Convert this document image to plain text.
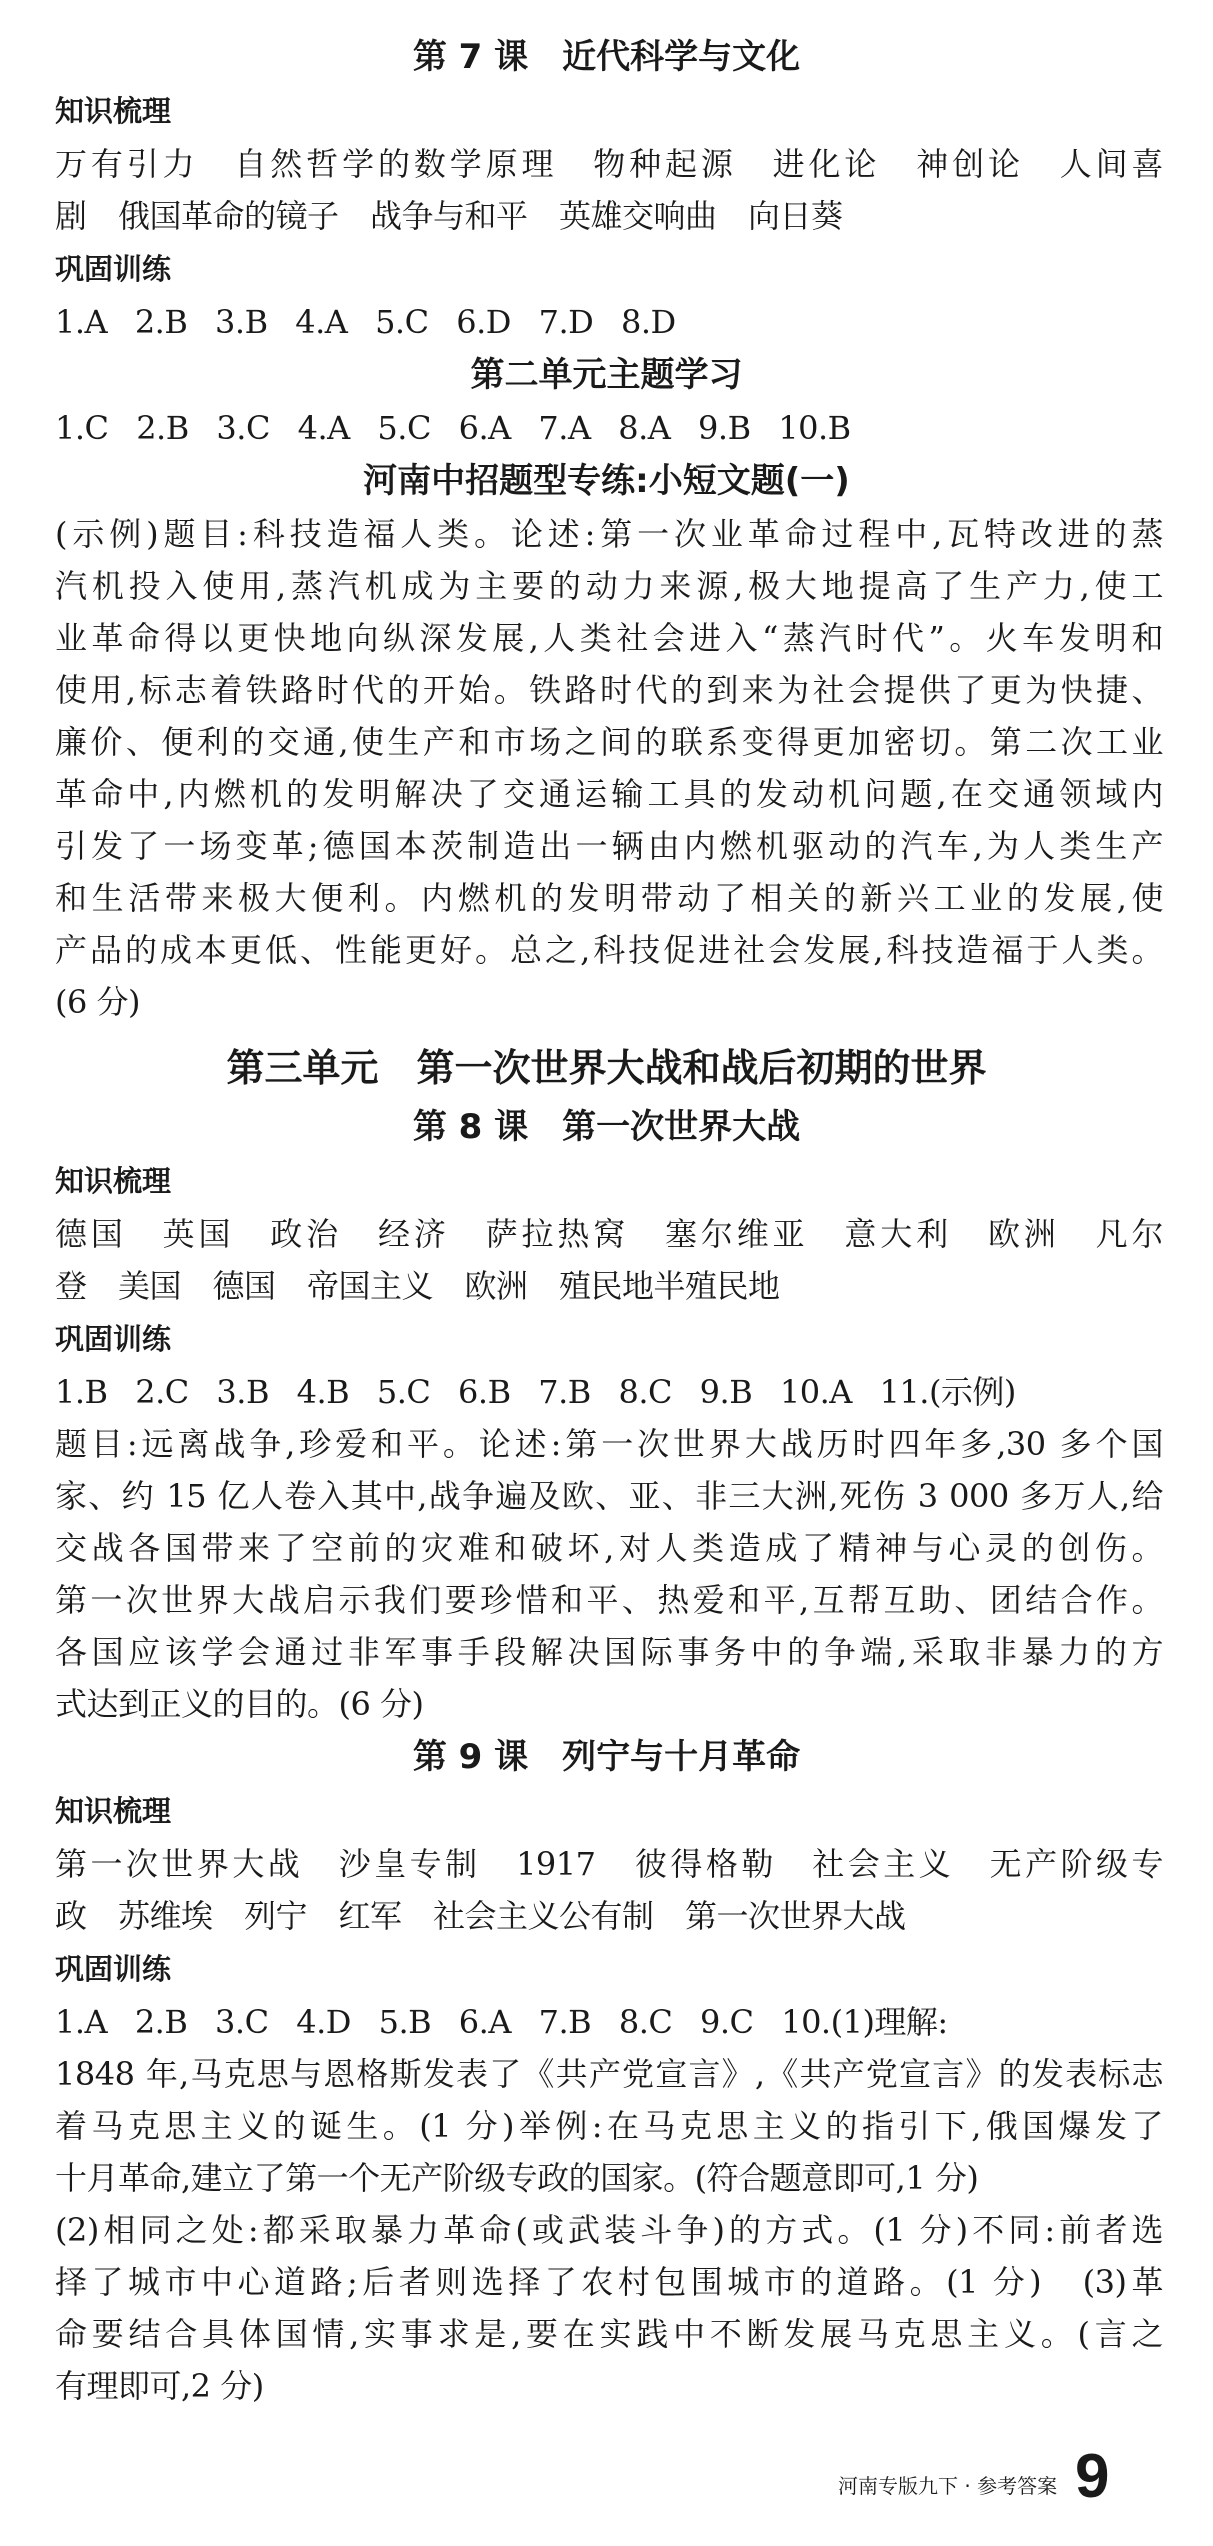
第 7 课　近代科学与文化
知识梳理
万有引力　自然哲学的数学原理　物种起源　进化论　神创论　人间喜
剧　俄国革命的镜子　战争与和平　英雄交响曲　向日葵
巩固训练
1.A 2.B 3.B 4.A 5.C 6.D 7.D 8.D
第二单元主题学习
1.C 2.B 3.C 4.A 5.C 6.A 7.A 8.A 9.B 10.B
河南中招题型专练:小短文题(一)
(示例)题目:科技造福人类。论述:第一次业革命过程中,瓦特改进的蒸
汽机投入使用,蒸汽机成为主要的动力来源,极大地提高了生产力,使工
业革命得以更快地向纵深发展,人类社会进入“蒸汽时代”。火车发明和
使用,标志着铁路时代的开始。铁路时代的到来为社会提供了更为快捷、
廉价、便利的交通,使生产和市场之间的联系变得更加密切。第二次工业
革命中,内燃机的发明解决了交通运输工具的发动机问题,在交通领域内
引发了一场变革;德国本茨制造出一辆由内燃机驱动的汽车,为人类生产
和生活带来极大便利。内燃机的发明带动了相关的新兴工业的发展,使
产品的成本更低、性能更好。总之,科技促进社会发展,科技造福于人类。
(6 分)
第三单元　第一次世界大战和战后初期的世界
第 8 课　第一次世界大战
知识梳理
德国　英国　政治　经济　萨拉热窝　塞尔维亚　意大利　欧洲　凡尔
登　美国　德国　帝国主义　欧洲　殖民地半殖民地
巩固训练
1.B 2.C 3.B 4.B 5.C 6.B 7.B 8.C 9.B 10.A 11.(示例)
题目:远离战争,珍爱和平。论述:第一次世界大战历时四年多,30 多个国
家、约 15 亿人卷入其中,战争遍及欧、亚、非三大洲,死伤 3 000 多万人,给
交战各国带来了空前的灾难和破坏,对人类造成了精神与心灵的创伤。
第一次世界大战启示我们要珍惜和平、热爱和平,互帮互助、团结合作。
各国应该学会通过非军事手段解决国际事务中的争端,采取非暴力的方
式达到正义的目的。(6 分)
第 9 课　列宁与十月革命
知识梳理
第一次世界大战　沙皇专制　1917　彼得格勒　社会主义　无产阶级专
政　苏维埃　列宁　红军　社会主义公有制　第一次世界大战
巩固训练
1.A 2.B 3.C 4.D 5.B 6.A 7.B 8.C 9.C 10.(1)理解:
1848 年,马克思与恩格斯发表了《共产党宣言》,《共产党宣言》的发表标志
着马克思主义的诞生。(1 分)举例:在马克思主义的指引下,俄国爆发了
十月革命,建立了第一个无产阶级专政的国家。(符合题意即可,1 分)
(2)相同之处:都采取暴力革命(或武装斗争)的方式。(1 分)不同:前者选
择了城市中心道路;后者则选择了农村包围城市的道路。(1 分)　(3)革
命要结合具体国情,实事求是,要在实践中不断发展马克思主义。(言之
有理即可,2 分)
河南专版九下 · 参考答案 9
